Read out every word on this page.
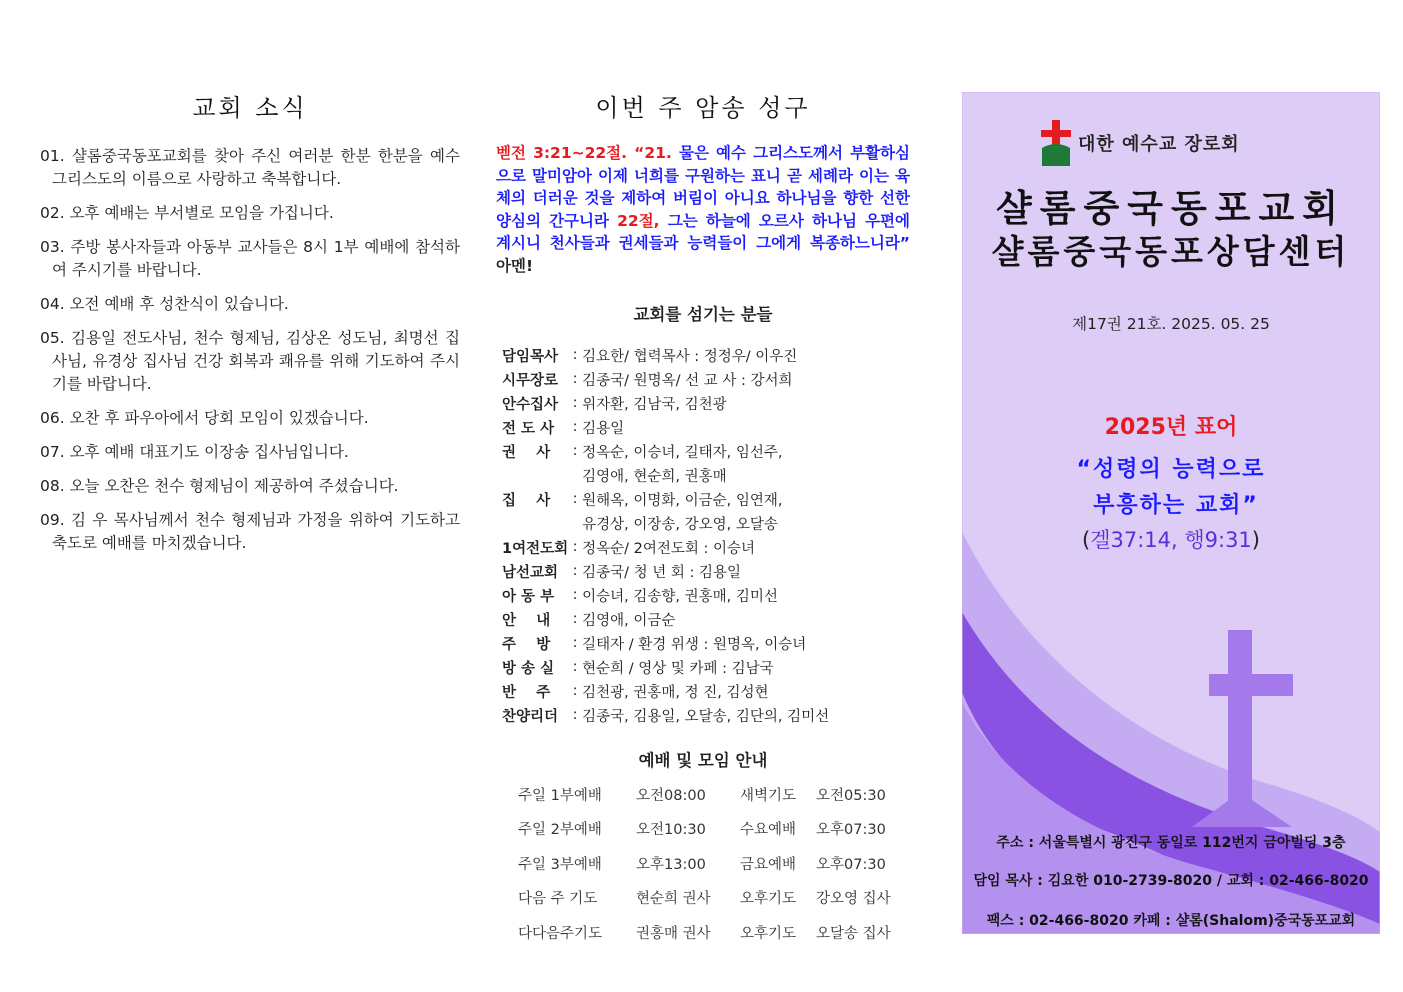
교회 소식
01. 샬롬중국동포교회를 찾아 주신 여러분 한분 한분을 예수 그리스도의 이름으로 사랑하고 축복합니다.
02. 오후 예배는 부서별로 모임을 가집니다.
03. 주방 봉사자들과 아동부 교사들은 8시 1부 예배에 참석하여 주시기를 바랍니다.
04. 오전 예배 후 성찬식이 있습니다.
05. 김용일 전도사님, 천수 형제님, 김상온 성도님, 최명선 집사님, 유경상 집사님 건강 회복과 쾌유를 위해 기도하여 주시기를 바랍니다.
06. 오찬 후 파우아에서 당회 모임이 있겠습니다.
07. 오후 예배 대표기도 이장송 집사님입니다.
08. 오늘 오찬은 천수 형제님이 제공하여 주셨습니다.
09. 김 우 목사님께서 천수 형제님과 가정을 위하여 기도하고 축도로 예배를 마치겠습니다.
이번 주 암송 성구
벧전 3:21~22절. “21. 물은 예수 그리스도께서 부활하심으로 말미암아 이제 너희를 구원하는 표니 곧 세례라 이는 육체의 더러운 것을 제하여 버림이 아니요 하나님을 향한 선한 양심의 간구니라 22절, 그는 하늘에 오르사 하나님 우편에 계시니 천사들과 권세들과 능력들이 그에게 복종하느니라” 아멘!
교회를 섬기는 분들
담임목사	:	김요한/ 협력목사 : 정정우/ 이우진
시무장로	:	김종국/ 원명옥/ 선 교 사 : 강서희
안수집사	:	위자환, 김남국, 김천광
전 도 사	:	김용일
권    사	:	정옥순, 이승녀, 길태자, 임선주,
		김영애, 현순희, 권홍매
집    사	:	원해옥, 이명화, 이금순, 임연재,
		유경상, 이장송, 강오영, 오달송
1여전도회	:	정옥순/ 2여전도회 : 이승녀
남선교회	:	김종국/ 청 년 회 : 김용일
아 동 부	:	이승녀, 김송향, 권홍매, 김미선
안    내	:	김영애, 이금순
주    방	:	길태자 / 환경 위생 : 원명옥, 이승녀
방 송 실	:	현순희 / 영상 및 카페 : 김남국
반    주	:	김천광, 권홍매, 정 진, 김성현
찬양리더	:	김종국, 김용일, 오달송, 김단의, 김미선
예배 및 모임 안내
주일 1부예배	오전08:00	새벽기도	오전05:30
주일 2부예배	오전10:30	수요예배	오후07:30
주일 3부예배	오후13:00	금요예배	오후07:30
다음 주 기도	현순희 권사	오후기도	강오영 집사
다다음주기도	권홍매 권사	오후기도	오달송 집사
대한 예수교 장로회
샬롬중국동포교회
샬롬중국동포상담센터
제17권 21호. 2025. 05. 25
2025년 표어
“성령의 능력으로
부흥하는 교회”
(겔37:14, 행9:31)
주소 : 서울특별시 광진구 동일로 112번지 금아빌딩 3층
담임 목사 : 김요한 010-2739-8020 / 교회 : 02-466-8020
팩스 : 02-466-8020 카페 : 샬롬(Shalom)중국동포교회
